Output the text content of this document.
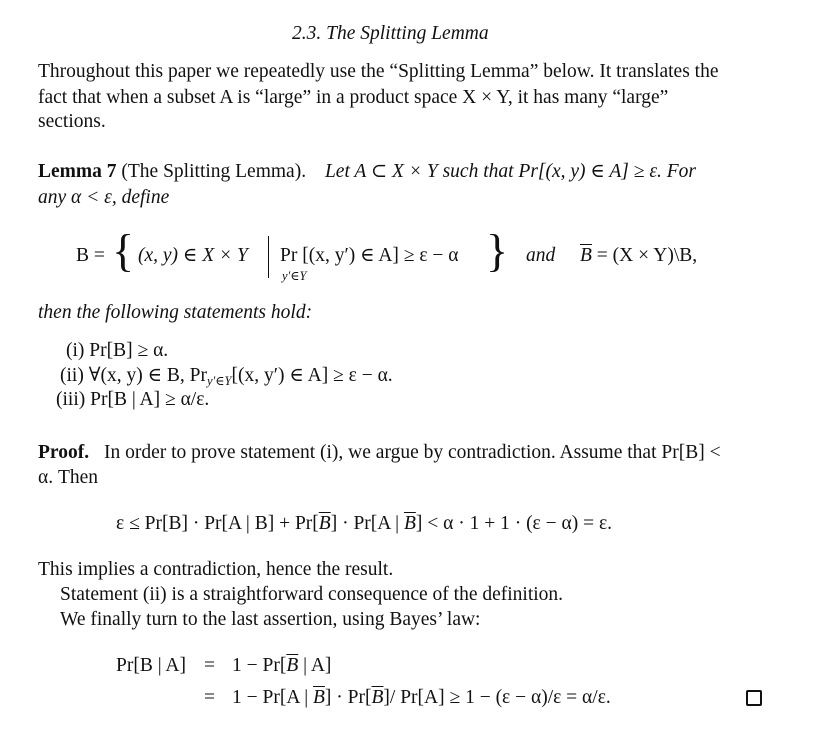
2.3. The Splitting Lemma
Throughout this paper we repeatedly use the “Splitting Lemma” below. It translates the
fact that when a subset A is “large” in a product space X × Y, it has many “large”
sections.
Lemma 7 (The Splitting Lemma). Let A ⊂ X × Y such that Pr[(x, y) ∈ A] ≥ ε. For
any α < ε, define
B = { (x, y) ∈ X × Y Pr [(x, y′) ∈ A] ≥ ε − α
y′∈Y	} and $\overline{B} = (X$ × Y)\B,
then the following statements hold:
(i) Pr[B] ≥ α.
(ii) ∀(x, y) ∈ B, $Pr_{y'\in Y}[(x$, y′) ∈ A] ≥ ε − α.
(iii) Pr[B | A] ≥ α/ε.
Proof. In order to prove statement (i), we argue by contradiction. Assume that Pr[B] <
α. Then
ε ≤ Pr[B] · Pr[A | $B] + Pr[\overline{B}] \cdot Pr[A$ | $\overline{B}] < \alpha \cdot 1 + 1 \cdot (\varepsilon - \alpha) = \varepsilon$.
This implies a contradiction, hence the result.
Statement (ii) is a straightforward consequence of the definition.
We finally turn to the last assertion, using Bayes’ law:
Pr[B | $A] = 1 - Pr[\overline{B}$ | A]
= 1 − Pr[A | $\overline{B}] \cdot Pr[\overline{B}]/$ Pr[A] ≥ 1 − (ε − α)/ε = α/ε.
